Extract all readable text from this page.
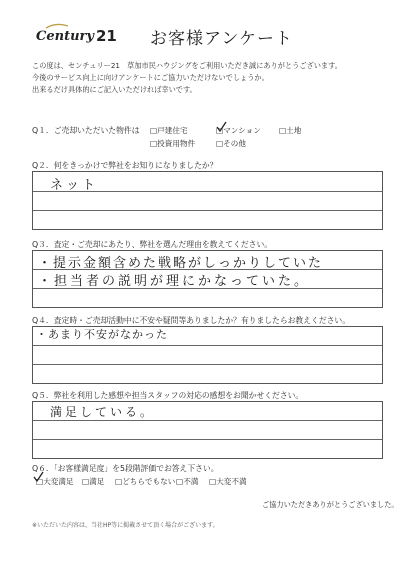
Century 21 お客様アンケート
この度は、センチュリー21　草加市民ハウジングをご利用いただき誠にありがとうございます。
今後のサービス向上に向けアンケートにご協力いただけないでしょうか。
出来るだけ具体的にご記入いただければ幸いです。
Q１．ご売却いただいた物件は □戸建住宅	□マンション □土地
□投資用物件	□その他
Q２．何をきっかけで弊社をお知りになりましたか？
ネット
Q３．査定・ご売却にあたり、弊社を選んだ理由を教えてください。
・提示金額含めた戦略がしっかりしていた
・担当者の説明が理にかなっていた。
Q４．査定時・ご売却活動中に不安や疑問等ありましたか？有りましたらお教えください。
・あまり不安がなかった
Q５．弊社を利用した感想や担当スタッフの対応の感想をお聞かせください。
満足している。
Q６．「お客様満足度」を5段階評価でお答え下さい。
□大変満足 □満足 □どちらでもない □不満 □大変不満
ご協力いただきありがとうございました。
※いただいた内容は、当社HP等に掲載させて頂く場合がございます。
